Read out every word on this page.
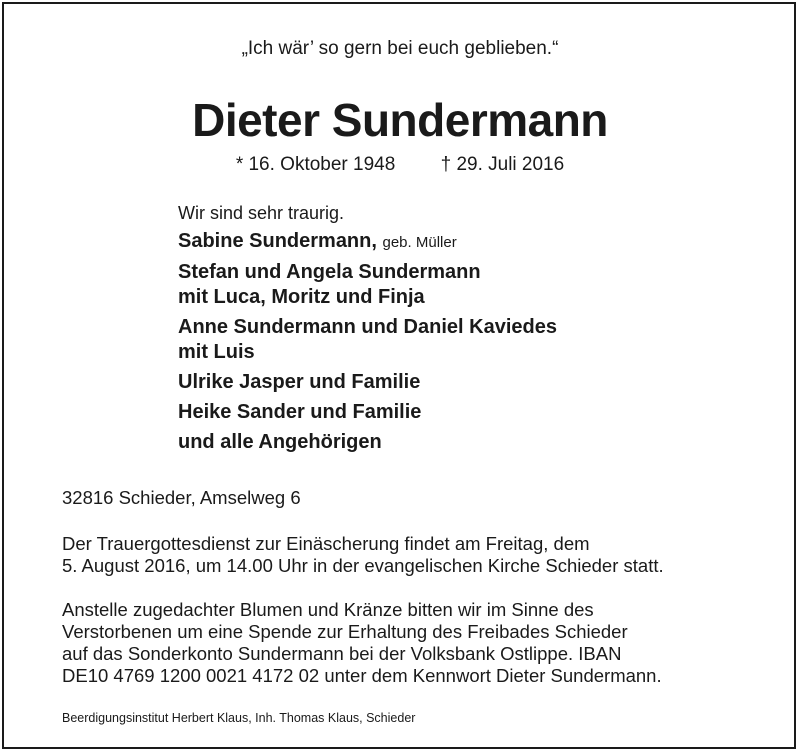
„Ich wär’ so gern bei euch geblieben.“
Dieter Sundermann
* 16. Oktober 1948 † 29. Juli 2016
Wir sind sehr traurig.
Sabine Sundermann, geb. Müller
Stefan und Angela Sundermann
mit Luca, Moritz und Finja
Anne Sundermann und Daniel Kaviedes
mit Luis
Ulrike Jasper und Familie
Heike Sander und Familie
und alle Angehörigen
32816 Schieder, Amselweg 6
Der Trauergottesdienst zur Einäscherung findet am Freitag, dem
5. August 2016, um 14.00 Uhr in der evangelischen Kirche Schieder statt.
Anstelle zugedachter Blumen und Kränze bitten wir im Sinne des
Verstorbenen um eine Spende zur Erhaltung des Freibades Schieder
auf das Sonderkonto Sundermann bei der Volksbank Ostlippe. IBAN
DE10 4769 1200 0021 4172 02 unter dem Kennwort Dieter Sundermann.
Beerdigungsinstitut Herbert Klaus, Inh. Thomas Klaus, Schieder
